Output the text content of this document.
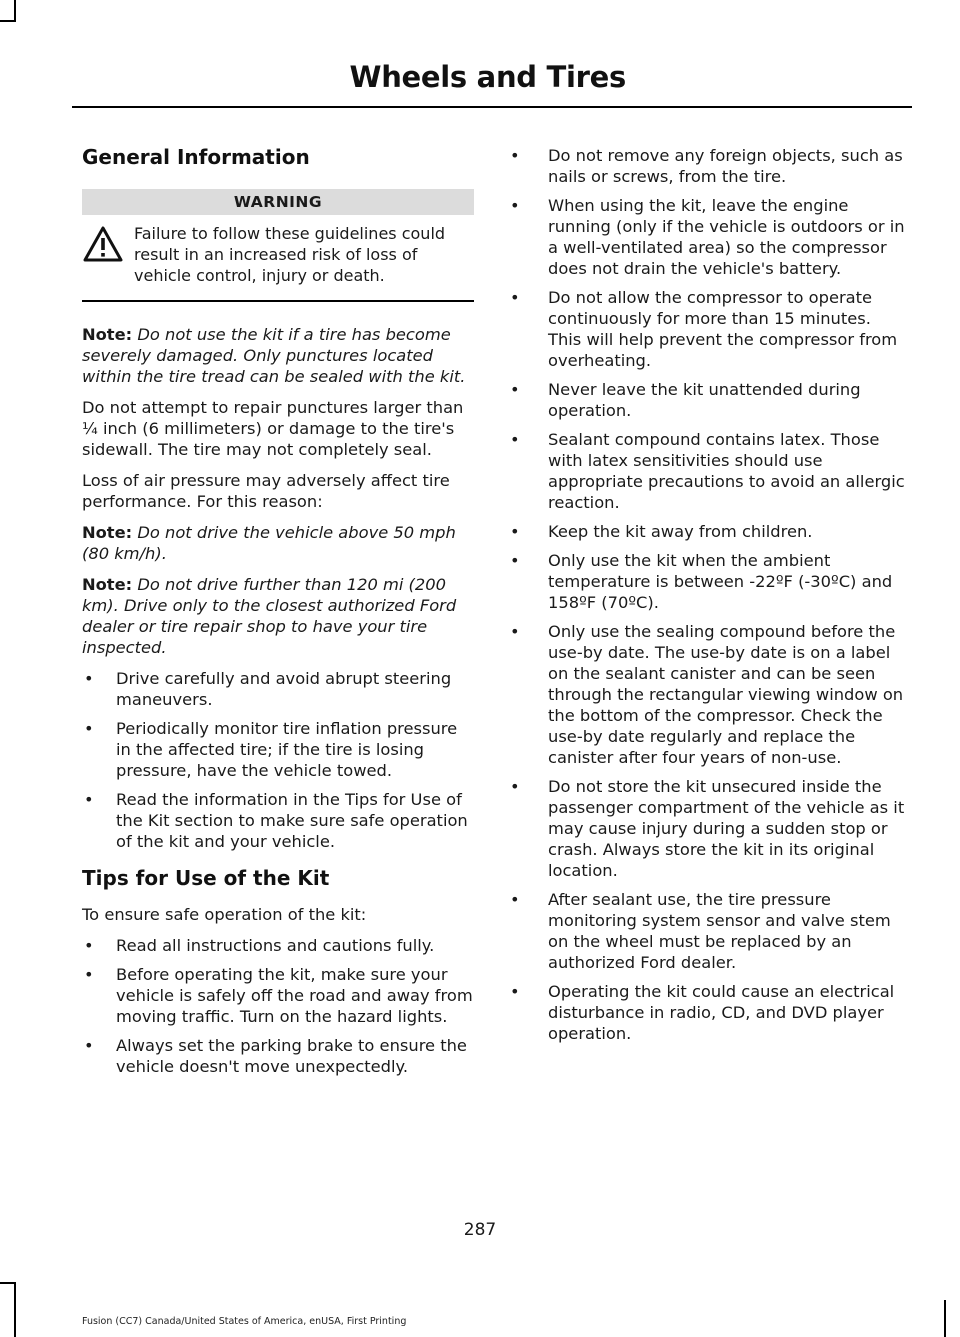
Wheels and Tires
General Information
WARNING
Failure to follow these guidelines could result in an increased risk of loss of vehicle control, injury or death.

Note: Do not use the kit if a tire has become severely damaged. Only punctures located within the tire tread can be sealed with the kit.

Do not attempt to repair punctures larger than ¼ inch (6 millimeters) or damage to the tire's sidewall. The tire may not completely seal.

Loss of air pressure may adversely affect tire performance. For this reason:

Note: Do not drive the vehicle above 50 mph (80 km/h).

Note: Do not drive further than 120 mi (200 km). Drive only to the closest authorized Ford dealer or tire repair shop to have your tire inspected.

• Drive carefully and avoid abrupt steering maneuvers.
• Periodically monitor tire inflation pressure in the affected tire; if the tire is losing pressure, have the vehicle towed.
• Read the information in the Tips for Use of the Kit section to make sure safe operation of the kit and your vehicle.
Tips for Use of the Kit

To ensure safe operation of the kit:

• Read all instructions and cautions fully.
• Before operating the kit, make sure your vehicle is safely off the road and away from moving traffic. Turn on the hazard lights.
• Always set the parking brake to ensure the vehicle doesn't move unexpectedly.
• Do not remove any foreign objects, such as nails or screws, from the tire.
• When using the kit, leave the engine running (only if the vehicle is outdoors or in a well-ventilated area) so the compressor does not drain the vehicle's battery.
• Do not allow the compressor to operate continuously for more than 15 minutes. This will help prevent the compressor from overheating.
• Never leave the kit unattended during operation.
• Sealant compound contains latex. Those with latex sensitivities should use appropriate precautions to avoid an allergic reaction.
• Keep the kit away from children.
• Only use the kit when the ambient temperature is between -22ºF (-30ºC) and 158ºF (70ºC).
• Only use the sealing compound before the use-by date. The use-by date is on a label on the sealant canister and can be seen through the rectangular viewing window on the bottom of the compressor. Check the use-by date regularly and replace the canister after four years of non-use.
• Do not store the kit unsecured inside the passenger compartment of the vehicle as it may cause injury during a sudden stop or crash. Always store the kit in its original location.
• After sealant use, the tire pressure monitoring system sensor and valve stem on the wheel must be replaced by an authorized Ford dealer.
• Operating the kit could cause an electrical disturbance in radio, CD, and DVD player operation.
287
Fusion (CC7) Canada/United States of America, enUSA, First Printing
